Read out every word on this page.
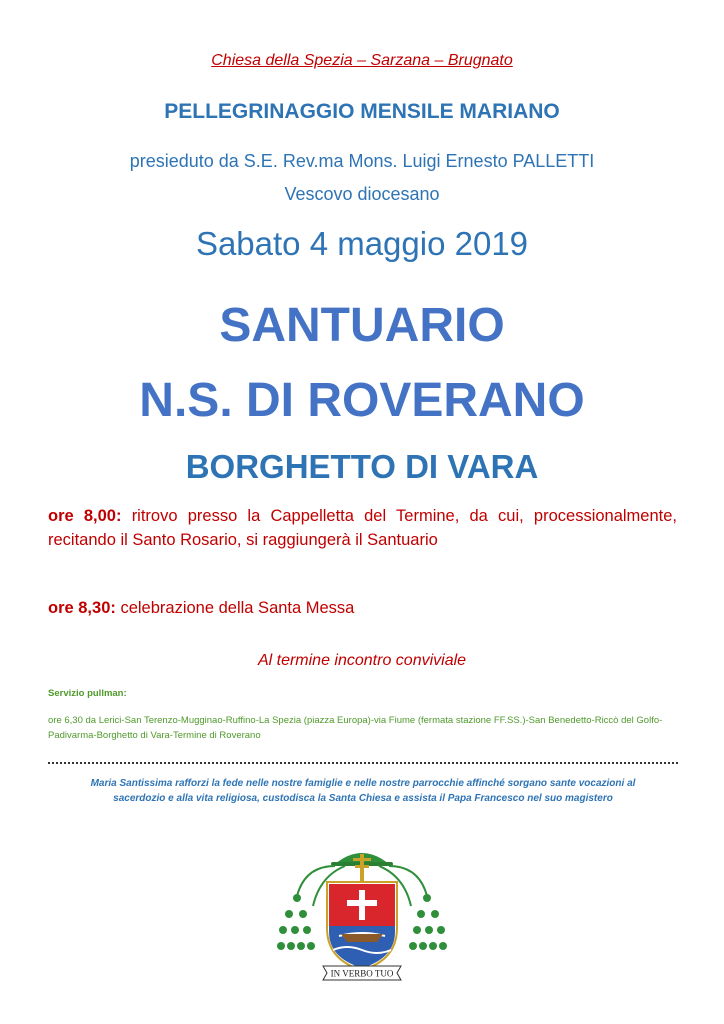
Chiesa della Spezia – Sarzana – Brugnato
PELLEGRINAGGIO MENSILE MARIANO
presieduto da S.E. Rev.ma Mons. Luigi Ernesto PALLETTI
Vescovo diocesano
Sabato 4 maggio 2019
SANTUARIO
N.S. DI ROVERANO
BORGHETTO DI VARA
ore 8,00: ritrovo presso la Cappelletta del Termine, da cui, processionalmente, recitando il Santo Rosario, si raggiungerà il Santuario
ore 8,30: celebrazione della Santa Messa
Al termine incontro conviviale
Servizio pullman:
ore 6,30 da Lerici-San Terenzo-Mugginao-Ruffino-La Spezia (piazza Europa)-via Fiume (fermata stazione FF.SS.)-San Benedetto-Riccò del Golfo-Padivarma-Borghetto di Vara-Termine di Roverano
Maria Santissima rafforzi la fede nelle nostre famiglie e nelle nostre parrocchie affinché sorgano sante vocazioni al
sacerdozio e alla vita religiosa, custodisca la Santa Chiesa e assista il Papa Francesco nel suo magistero
IN VERBO TUO
